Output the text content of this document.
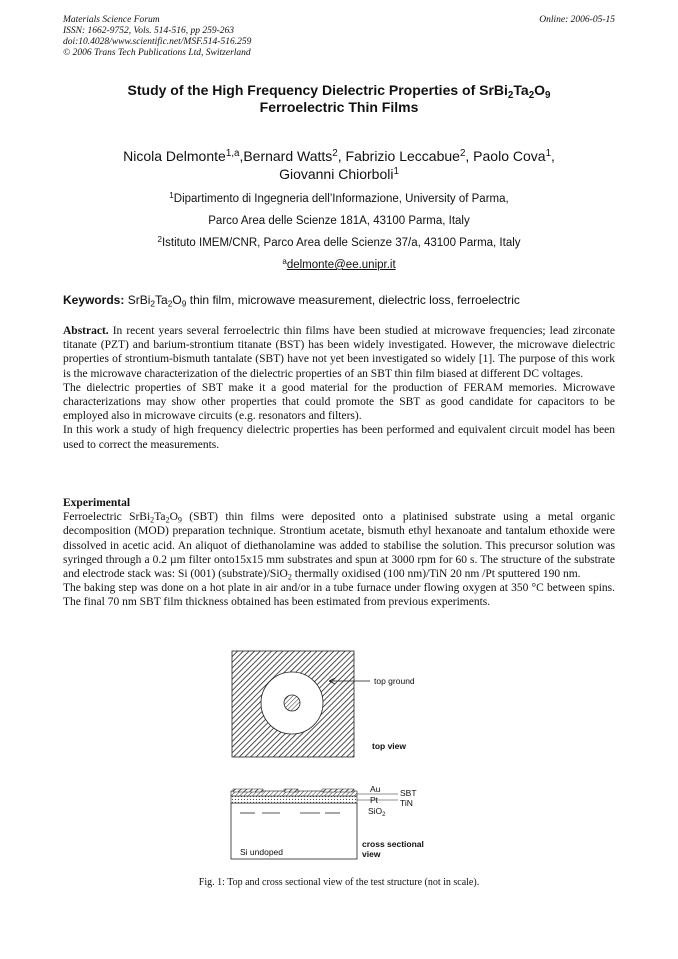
Materials Science Forum
ISSN: 1662-9752, Vols. 514-516, pp 259-263
doi:10.4028/www.scientific.net/MSF.514-516.259
© 2006 Trans Tech Publications Ltd, Switzerland
Online: 2006-05-15
Study of the High Frequency Dielectric Properties of $SrBi_2Ta_2O_9$
Ferroelectric Thin Films
Nicola Delmonte$^{1,a}$,Bernard Watts$^2$, Fabrizio Leccabue$^2$, Paolo Cova$^1$,
Giovanni Chiorboli$^1$
$^1$Dipartimento di Ingegneria dell’Informazione, University of Parma,
Parco Area delle Scienze 181A, 43100 Parma, Italy
$^2$Istituto IMEM/CNR, Parco Area delle Scienze 37/a, 43100 Parma, Italy
$^a$delmonte@ee.unipr.it
Keywords: $SrBi_2Ta_2O_9$ thin film, microwave measurement, dielectric loss, ferroelectric

Abstract. In recent years several ferroelectric thin films have been studied at microwave frequencies; lead zirconate titanate (PZT) and barium-strontium titanate (BST) has been widely investigated. However, the microwave dielectric properties of strontium-bismuth tantalate (SBT) have not yet been investigated so widely [1]. The purpose of this work is the microwave characterization of the dielectric properties of an SBT thin film biased at different DC voltages.

The dielectric properties of SBT make it a good material for the production of FERAM memories. Microwave characterizations may show other properties that could promote the SBT as good candidate for capacitors to be employed also in microwave circuits (e.g. resonators and filters).

In this work a study of high frequency dielectric properties has been performed and equivalent circuit model has been used to correct the measurements.

Experimental

Ferroelectric $SrBi_2Ta_2O_9$ (SBT) thin films were deposited onto a platinised substrate using a metal organic decomposition (MOD) preparation technique. Strontium acetate, bismuth ethyl hexanoate and tantalum ethoxide were dissolved in acetic acid. An aliquot of diethanolamine was added to stabilise the solution. This precursor solution was syringed through a 0.2 µm filter onto15x15 mm substrates and spun at 3000 rpm for 60 s. The structure of the substrate and electrode stack was: Si (001) (substrate)/SiO$_2$ thermally oxidised (100 nm)/TiN 20 nm /Pt sputtered 190 nm.

The baking step was done on a hot plate in air and/or in a tube furnace under flowing oxygen at 350 °C between spins. The final 70 nm SBT film thickness obtained has been estimated from previous experiments.

top ground
top view
Au
Pt
SiO$_2$
SBT
TiN
Si undoped
cross sectional
view
Fig. 1: Top and cross sectional view of the test structure (not in scale).
